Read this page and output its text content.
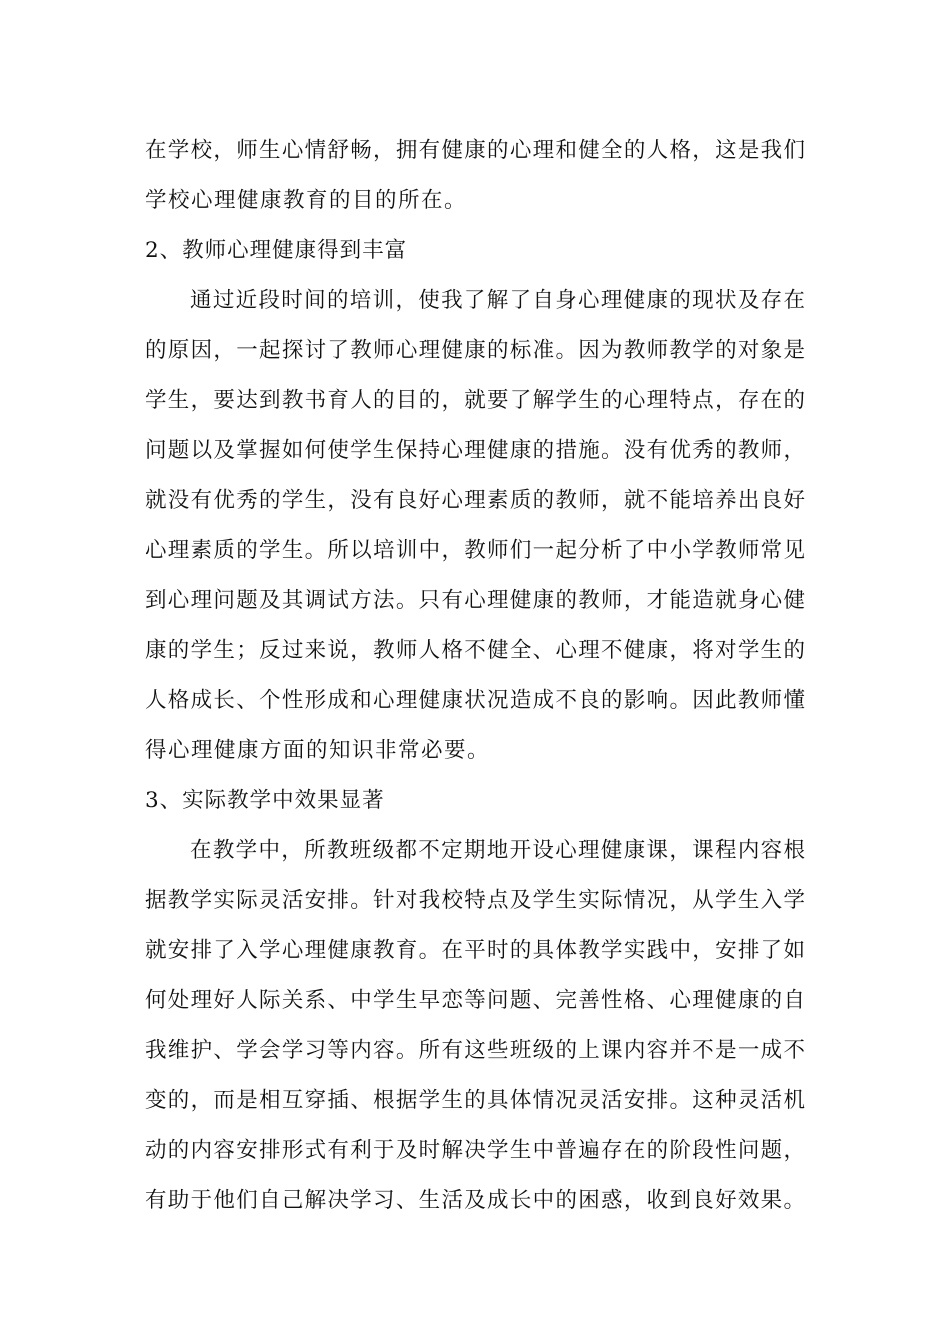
在学校，师生心情舒畅，拥有健康的心理和健全的人格，这是我们
学校心理健康教育的目的所在。
2、教师心理健康得到丰富
通过近段时间的培训，使我了解了自身心理健康的现状及存在
的原因，一起探讨了教师心理健康的标准。因为教师教学的对象是
学生，要达到教书育人的目的，就要了解学生的心理特点，存在的
问题以及掌握如何使学生保持心理健康的措施。没有优秀的教师，
就没有优秀的学生，没有良好心理素质的教师，就不能培养出良好
心理素质的学生。所以培训中，教师们一起分析了中小学教师常见
到心理问题及其调试方法。只有心理健康的教师，才能造就身心健
康的学生；反过来说，教师人格不健全、心理不健康，将对学生的
人格成长、个性形成和心理健康状况造成不良的影响。因此教师懂
得心理健康方面的知识非常必要。
3、实际教学中效果显著
在教学中，所教班级都不定期地开设心理健康课，课程内容根
据教学实际灵活安排。针对我校特点及学生实际情况，从学生入学
就安排了入学心理健康教育。在平时的具体教学实践中，安排了如
何处理好人际关系、中学生早恋等问题、完善性格、心理健康的自
我维护、学会学习等内容。所有这些班级的上课内容并不是一成不
变的，而是相互穿插、根据学生的具体情况灵活安排。这种灵活机
动的内容安排形式有利于及时解决学生中普遍存在的阶段性问题，
有助于他们自己解决学习、生活及成长中的困惑，收到良好效果。
